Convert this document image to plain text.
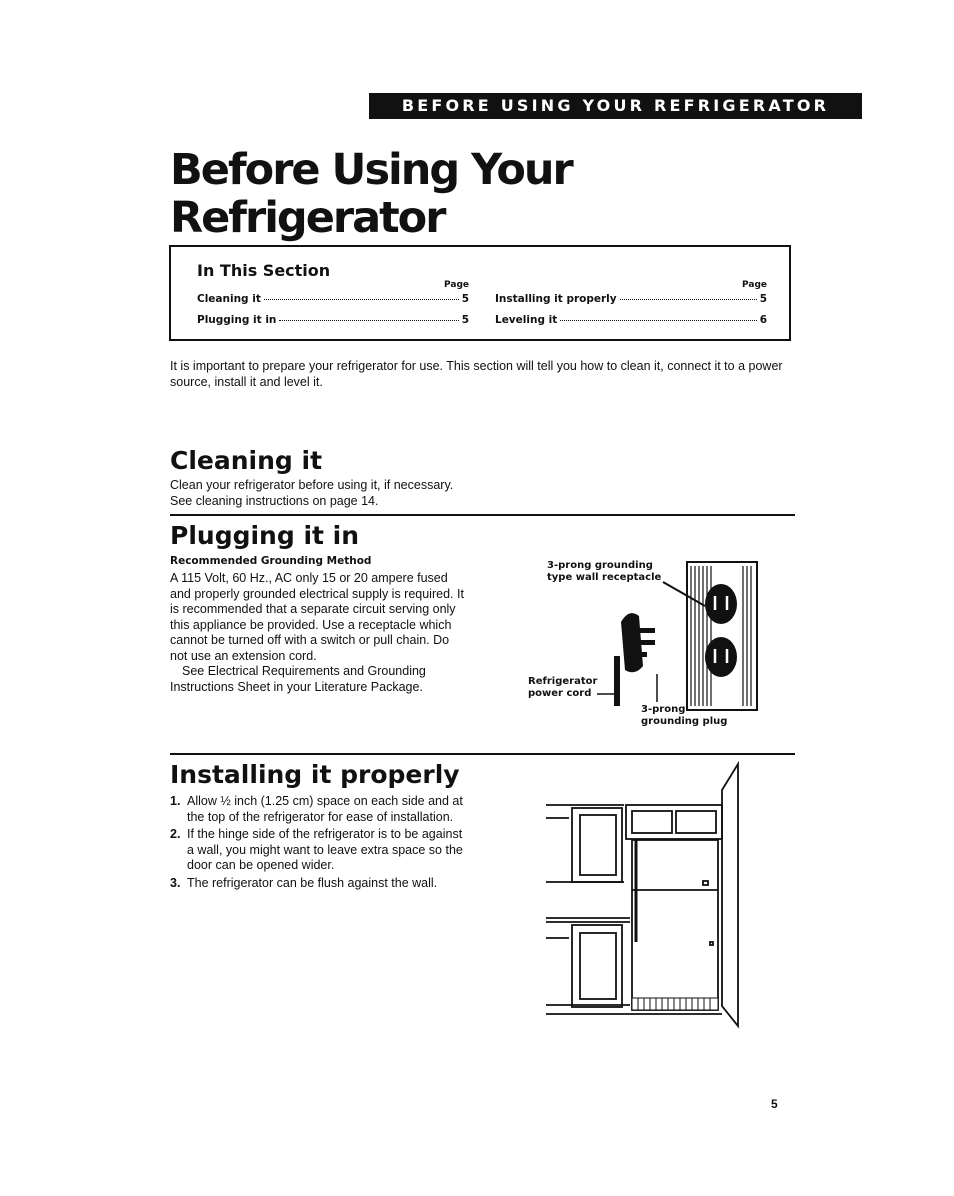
BEFORE USING YOUR REFRIGERATOR
Before Using Your
Refrigerator
In This Section
Page
Cleaning it	5
Plugging it in	5
Page
Installing it properly	5
Leveling it	6
It is important to prepare your refrigerator for use. This section will tell you how to clean it, connect it to a power source, install it and level it.
Cleaning it
Clean your refrigerator before using it, if necessary. See cleaning instructions on page 14.
Plugging it in
Recommended Grounding Method
A 115 Volt, 60 Hz., AC only 15 or 20 ampere fused and properly grounded electrical supply is required. It is recommended that a separate circuit serving only this appliance be provided. Use a receptacle which cannot be turned off with a switch or pull chain. Do not use an extension cord.
See Electrical Requirements and Grounding Instructions Sheet in your Literature Package.
3-prong grounding
type wall receptacle
Refrigerator
power cord
3-prong
grounding plug
Installing it properly
1. Allow ½ inch (1.25 cm) space on each side and at the top of the refrigerator for ease of installation.
2. If the hinge side of the refrigerator is to be against a wall, you might want to leave extra space so the door can be opened wider.
3. The refrigerator can be flush against the wall.
5
